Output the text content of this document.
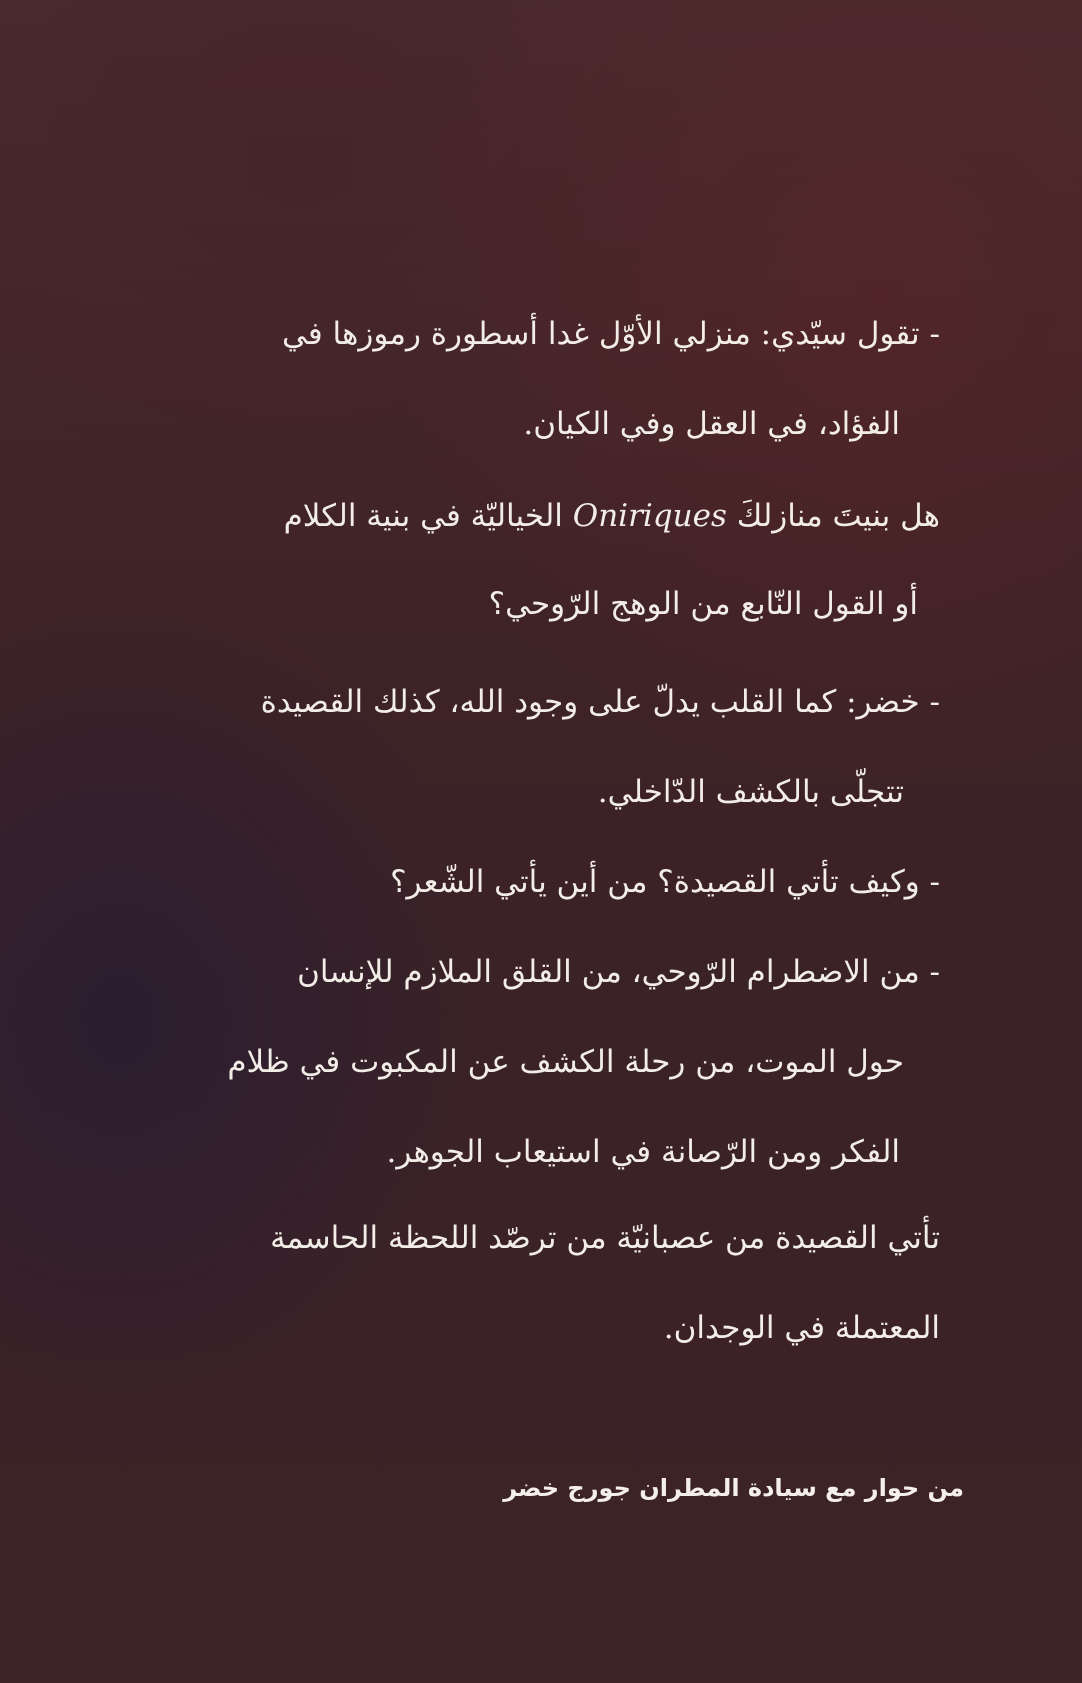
- تقول سيّدي: منزلي الأوّل غدا أسطورة رموزها في
الفؤاد، في العقل وفي الكيان.
هل بنيتَ منازلكَ Oniriques الخياليّة في بنية الكلام
أو القول النّابع من الوهج الرّوحي؟
- خضر: كما القلب يدلّ على وجود الله، كذلك القصيدة
تتجلّى بالكشف الدّاخلي.
- وكيف تأتي القصيدة؟ من أين يأتي الشّعر؟
- من الاضطرام الرّوحي، من القلق الملازم للإنسان
حول الموت، من رحلة الكشف عن المكبوت في ظلام
الفكر ومن الرّصانة في استيعاب الجوهر.
تأتي القصيدة من عصبانيّة من ترصّد اللحظة الحاسمة
المعتملة في الوجدان.
من حوار مع سيادة المطران جورج خضر
